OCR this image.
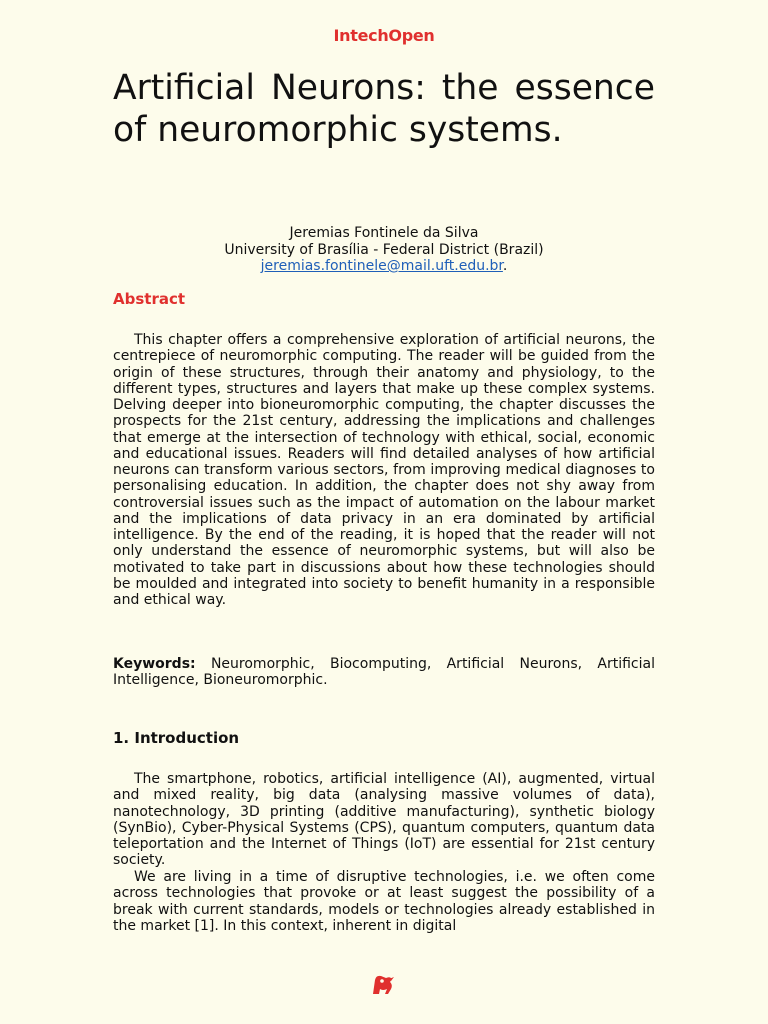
IntechOpen
Artificial Neurons: the essence of neuromorphic systems.
Jeremias Fontinele da Silva
University of Brasília - Federal District (Brazil)
jeremias.fontinele@mail.uft.edu.br.
Abstract

This chapter offers a comprehensive exploration of artificial neurons, the centrepiece of neuromorphic computing. The reader will be guided from the origin of these structures, through their anatomy and physiology, to the different types, structures and layers that make up these complex systems. Delving deeper into bioneuromorphic computing, the chapter discusses the prospects for the 21st century, addressing the implications and challenges that emerge at the intersection of technology with ethical, social, economic and educational issues. Readers will find detailed analyses of how artificial neurons can transform various sectors, from improving medical diagnoses to personalising education. In addition, the chapter does not shy away from controversial issues such as the impact of automation on the labour market and the implications of data privacy in an era dominated by artificial intelligence. By the end of the reading, it is hoped that the reader will not only understand the essence of neuromorphic systems, but will also be motivated to take part in discussions about how these technologies should be moulded and integrated into society to benefit humanity in a responsible and ethical way.

Keywords: Neuromorphic, Biocomputing, Artificial Neurons, Artificial Intelligence, Bioneuromorphic.

1. Introduction

The smartphone, robotics, artificial intelligence (AI), augmented, virtual and mixed reality, big data (analysing massive volumes of data), nanotechnology, 3D printing (additive manufacturing), synthetic biology (SynBio), Cyber-Physical Systems (CPS), quantum computers, quantum data teleportation and the Internet of Things (IoT) are essential for 21st century society.

We are living in a time of disruptive technologies, i.e. we often come across technologies that provoke or at least suggest the possibility of a break with current standards, models or technologies already established in the market [1]. In this context, inherent in digital
